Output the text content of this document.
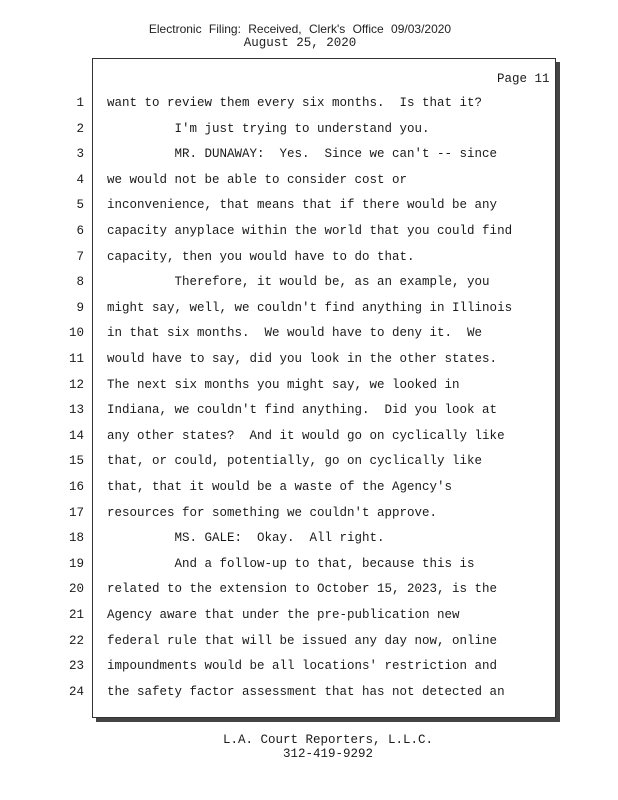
Electronic Filing: Received, Clerk's Office 09/03/2020
August 25, 2020
Page 11
1 want to review them every six months.  Is that it?
2 I'm just trying to understand you.
3 MR. DUNAWAY:  Yes.  Since we can't -- since
4 we would not be able to consider cost or
5 inconvenience, that means that if there would be any
6 capacity anyplace within the world that you could find
7 capacity, then you would have to do that.
8 Therefore, it would be, as an example, you
9 might say, well, we couldn't find anything in Illinois
10 in that six months.  We would have to deny it.  We
11 would have to say, did you look in the other states.
12 The next six months you might say, we looked in
13 Indiana, we couldn't find anything.  Did you look at
14 any other states?  And it would go on cyclically like
15 that, or could, potentially, go on cyclically like
16 that, that it would be a waste of the Agency's
17 resources for something we couldn't approve.
18 MS. GALE:  Okay.  All right.
19 And a follow-up to that, because this is
20 related to the extension to October 15, 2023, is the
21 Agency aware that under the pre-publication new
22 federal rule that will be issued any day now, online
23 impoundments would be all locations' restriction and
24 the safety factor assessment that has not detected an
L.A. Court Reporters, L.L.C.
312-419-9292
